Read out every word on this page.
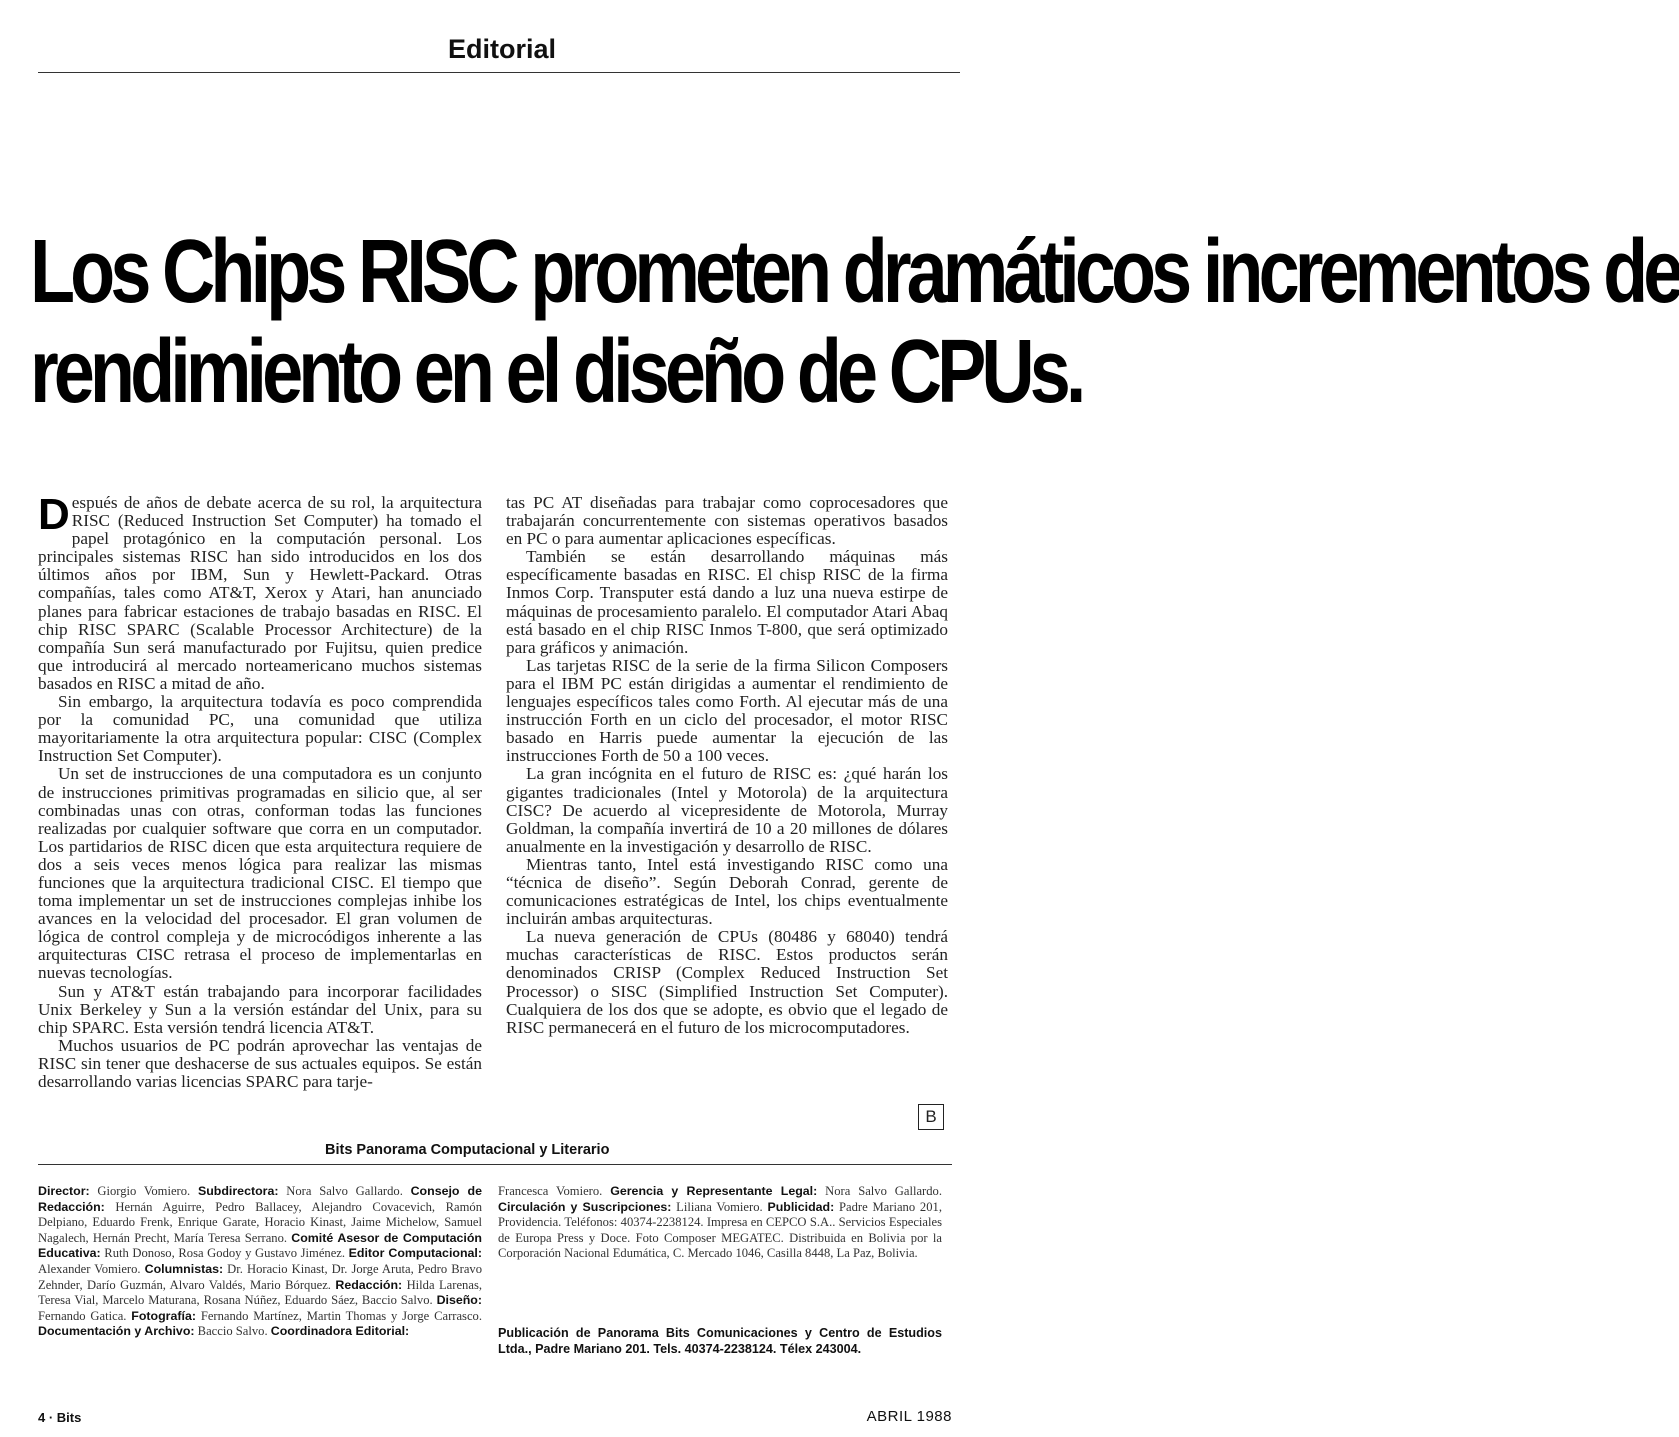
Editorial
Los Chips RISC prometen dramáticos incrementos de
rendimiento en el diseño de CPUs.

Después de años de debate acerca de su rol, la arquitectura RISC (Reduced Instruction Set Computer) ha tomado el papel protagónico en la computación personal. Los principales sistemas RISC han sido introducidos en los dos últimos años por IBM, Sun y Hewlett-Packard. Otras compañías, tales como AT&T, Xerox y Atari, han anunciado planes para fabricar estaciones de trabajo basadas en RISC. El chip RISC SPARC (Scalable Processor Architecture) de la compañía Sun será manufacturado por Fujitsu, quien predice que introducirá al mercado norteamericano muchos sistemas basados en RISC a mitad de año.

Sin embargo, la arquitectura todavía es poco comprendida por la comunidad PC, una comunidad que utiliza mayoritariamente la otra arquitectura popular: CISC (Complex Instruction Set Computer).

Un set de instrucciones de una computadora es un conjunto de instrucciones primitivas programadas en silicio que, al ser combinadas unas con otras, conforman todas las funciones realizadas por cualquier software que corra en un computador. Los partidarios de RISC dicen que esta arquitectura requiere de dos a seis veces menos lógica para realizar las mismas funciones que la arquitectura tradicional CISC. El tiempo que toma implementar un set de instrucciones complejas inhibe los avances en la velocidad del procesador. El gran volumen de lógica de control compleja y de microcódigos inherente a las arquitecturas CISC retrasa el proceso de implementarlas en nuevas tecnologías.

Sun y AT&T están trabajando para incorporar facilidades Unix Berkeley y Sun a la versión estándar del Unix, para su chip SPARC. Esta versión tendrá licencia AT&T.

Muchos usuarios de PC podrán aprovechar las ventajas de RISC sin tener que deshacerse de sus actuales equipos. Se están desarrollando varias licencias SPARC para tarje-

tas PC AT diseñadas para trabajar como coprocesadores que trabajarán concurrentemente con sistemas operativos basados en PC o para aumentar aplicaciones específicas.

También se están desarrollando máquinas más específicamente basadas en RISC. El chisp RISC de la firma Inmos Corp. Transputer está dando a luz una nueva estirpe de máquinas de procesamiento paralelo. El computador Atari Abaq está basado en el chip RISC Inmos T-800, que será optimizado para gráficos y animación.

Las tarjetas RISC de la serie de la firma Silicon Composers para el IBM PC están dirigidas a aumentar el rendimiento de lenguajes específicos tales como Forth. Al ejecutar más de una instrucción Forth en un ciclo del procesador, el motor RISC basado en Harris puede aumentar la ejecución de las instrucciones Forth de 50 a 100 veces.

La gran incógnita en el futuro de RISC es: ¿qué harán los gigantes tradicionales (Intel y Motorola) de la arquitectura CISC? De acuerdo al vicepresidente de Motorola, Murray Goldman, la compañía invertirá de 10 a 20 millones de dólares anualmente en la investigación y desarrollo de RISC.

Mientras tanto, Intel está investigando RISC como una “técnica de diseño”. Según Deborah Conrad, gerente de comunicaciones estratégicas de Intel, los chips eventualmente incluirán ambas arquitecturas.

La nueva generación de CPUs (80486 y 68040) tendrá muchas características de RISC. Estos productos serán denominados CRISP (Complex Reduced Instruction Set Processor) o SISC (Simplified Instruction Set Computer). Cualquiera de los dos que se adopte, es obvio que el legado de RISC permanecerá en el futuro de los microcomputadores.

B
Bits Panorama Computacional y Literario
Director: Giorgio Vomiero. Subdirectora: Nora Salvo Gallardo. Consejo de Redacción: Hernán Aguirre, Pedro Ballacey, Alejandro Covacevich, Ramón Delpiano, Eduardo Frenk, Enrique Garate, Horacio Kinast, Jaime Michelow, Samuel Nagalech, Hernán Precht, María Teresa Serrano. Comité Asesor de Computación Educativa: Ruth Donoso, Rosa Godoy y Gustavo Jiménez. Editor Computacional: Alexander Vomiero. Columnistas: Dr. Horacio Kinast, Dr. Jorge Aruta, Pedro Bravo Zehnder, Darío Guzmán, Alvaro Valdés, Mario Bórquez. Redacción: Hilda Larenas, Teresa Vial, Marcelo Maturana, Rosana Núñez, Eduardo Sáez, Baccio Salvo. Diseño: Fernando Gatica. Fotografía: Fernando Martínez, Martin Thomas y Jorge Carrasco. Documentación y Archivo: Baccio Salvo. Coordinadora Editorial:
Francesca Vomiero. Gerencia y Representante Legal: Nora Salvo Gallardo. Circulación y Suscripciones: Liliana Vomiero. Publicidad: Padre Mariano 201, Providencia. Teléfonos: 40374-2238124. Impresa en CEPCO S.A.. Servicios Especiales de Europa Press y Doce. Foto Composer MEGATEC. Distribuida en Bolivia por la Corporación Nacional Edumática, C. Mercado 1046, Casilla 8448, La Paz, Bolivia.
Publicación de Panorama Bits Comunicaciones y Centro de Estudios Ltda., Padre Mariano 201. Tels. 40374-2238124. Télex 243004.
4 · Bits	ABRIL 1988
